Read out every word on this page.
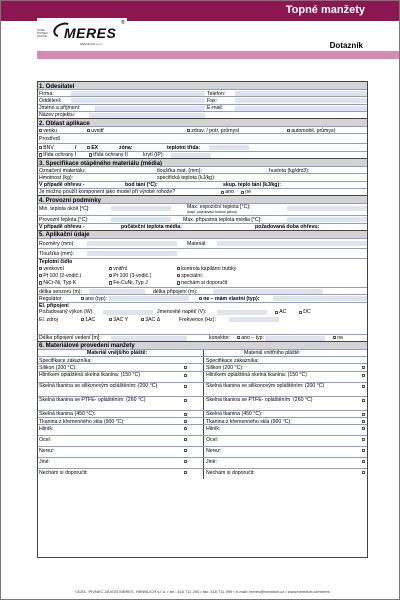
Topné manžety
OCEL. PIVNEC ZÁVOD	MERES
®
HENNLICH s.r.o.	Dotazník
1. Odesilatel
Firma:	Telefon:
Oddělení:	Fax:
Jméno a příjmení:	E-mail:
Název projektu:
2. Oblast aplikace
venku	uvnitř	zdrav. / potr. průmysl	automobil. průmysl
Prostředí
BNV	/	EX	zóna:	teplotní třída:
třída ochrany I	třída ochrany II	krytí (IP):
3. Specifikace otápěného materiálu (média)
Označení materiálu:	tloušťka mat. (mm):	hustota (kg/dm3):
Hmotnost (kg):	specifická teplota (kJ/kg):
V případě ohřevu -	bod tání (°C):	skup. teplo tání (kJ/kg):
Je možno použít komponent jako model při výrobě rohože?	ano	ne
4. Provozní podmínky
Min. teplota okolí [°C]:	Max. expoziční teplota [°C]:
(např. pojedovací horkou párou)
Provozní teplota [°C]:	Max. přípustná teplota média [°C]:
V případě ohřevu -	počáteční teplota média:	požadovaná doba ohřevu:
5. Aplikační údaje
Rozměry (mm):	Materiál:
Tloušťka (mm):
Teplotní čidlo
venkovní	vnitřní	kontrola kapilární trubky
Pt 100 (2-vodič.)	Pt 100 (3-vodič.)	speciální:
NiCr-Ni, Typ K	Fe-CuNi, Typ J	nechám si doporučit
délka senzoru (m):	délka připojení (m):
Regulátor	ano (typ):	ne – mám vlastní (typ):
El. připojení
Požadovaný výkon (W):	Jmenovité napětí (V):	AC	DC
El. zdroj	1AC	3AC Y	3AC Δ	Frekvence (Hz):
Délka připojení vedení [m]:	konektor:	ano – typ:	ne
6. Materiálové provedení manžety
Materiál vnějšího pláště:	Materiál vnitřního pláště:
Specifikace zákazníka:	Specifikace zákazníka:
Silikon (200 °C):	Silikon (200 °C):
Hliníkem opláštěná skelná tkanina: (150 °C)	Hliníkem opláštěná skelná tkanina: (150 °C)
Skelná tkanina se silikonovým opláštěním: (200 °C)	Skelná tkanina se silikonovým opláštěním: (200 °C)
Skelná tkanina se PTFE- opláštěním: (260 °C)	Skelná tkanina se PTFE- opláštěním: (260 °C)
Skelná tkanina (450 °C):	Skelná tkanina (450 °C):
Tkanina z křemenného skla (900 °C):	Tkanina z křemenného skla (900 °C):
Hliník:	Hliník:
Ocel:	Ocel:
Nerez:	Nerez:
Jiné:	Jiné:
Nechám si doporučit:	Nechám si doporučit:
OCEL. PIVNEC ZÁVOD MERES, HENNLICH s.r.o. • tel.: 416 711 200 • fax: 416 711 999 • e-mail: meres@hennlich.cz • www.hennlich.cz/meres
